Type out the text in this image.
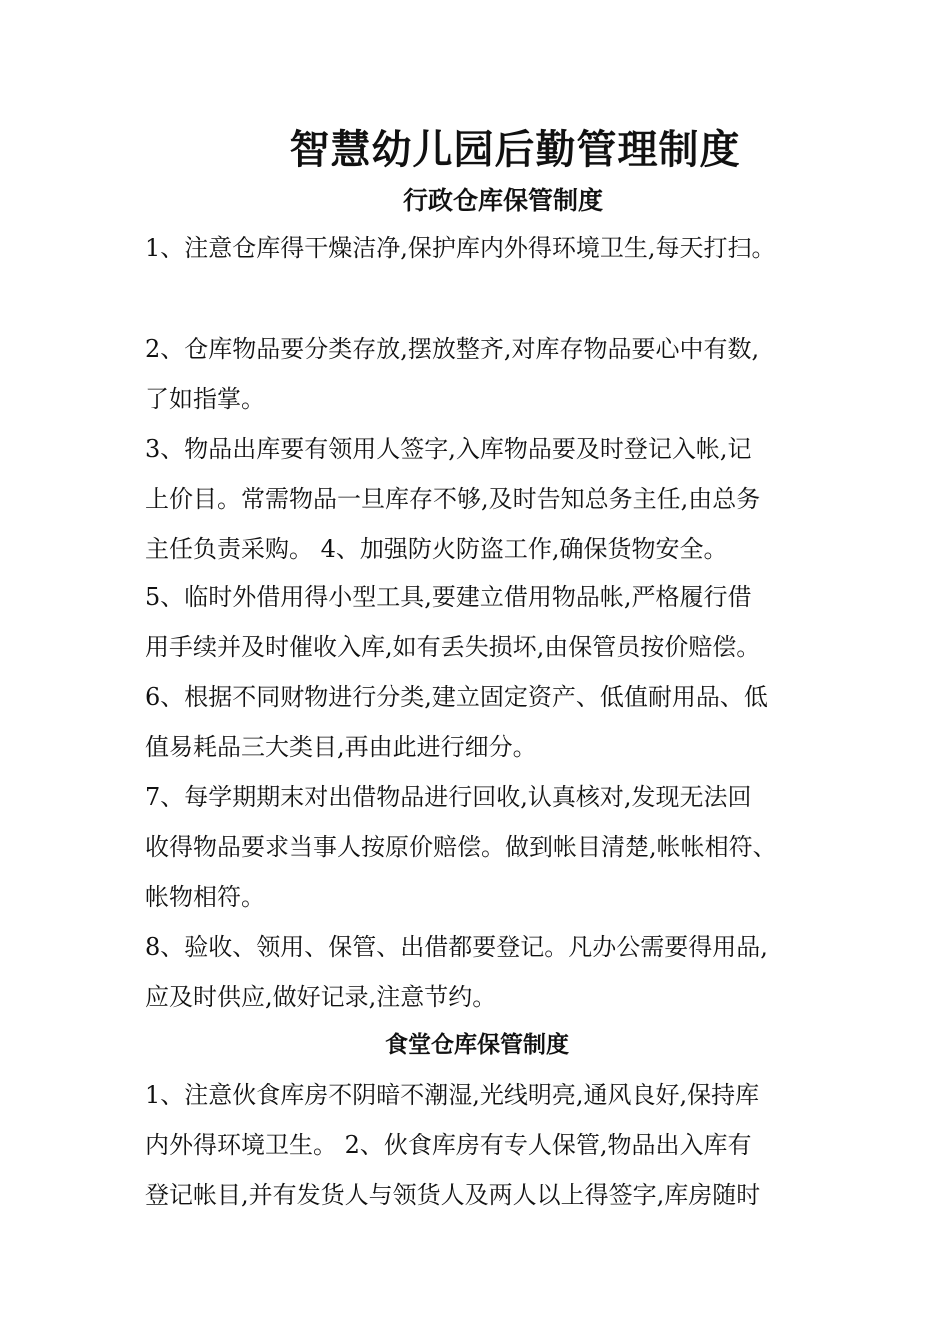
智慧幼儿园后勤管理制度
行政仓库保管制度
1、注意仓库得干燥洁净,保护库内外得环境卫生,每天打扫。
2、仓库物品要分类存放,摆放整齐,对库存物品要心中有数,
了如指掌。
3、物品出库要有领用人签字,入库物品要及时登记入帐,记
上价目。常需物品一旦库存不够,及时告知总务主任,由总务
主任负责采购。 4、加强防火防盗工作,确保货物安全。
5、临时外借用得小型工具,要建立借用物品帐,严格履行借
用手续并及时催收入库,如有丢失损坏,由保管员按价赔偿。
6、根据不同财物进行分类,建立固定资产、低值耐用品、低
值易耗品三大类目,再由此进行细分。
7、每学期期末对出借物品进行回收,认真核对,发现无法回
收得物品要求当事人按原价赔偿。做到帐目清楚,帐帐相符、
帐物相符。
8、验收、领用、保管、出借都要登记。凡办公需要得用品,
应及时供应,做好记录,注意节约。
食堂仓库保管制度
1、注意伙食库房不阴暗不潮湿,光线明亮,通风良好,保持库
内外得环境卫生。 2、伙食库房有专人保管,物品出入库有
登记帐目,并有发货人与领货人及两人以上得签字,库房随时
